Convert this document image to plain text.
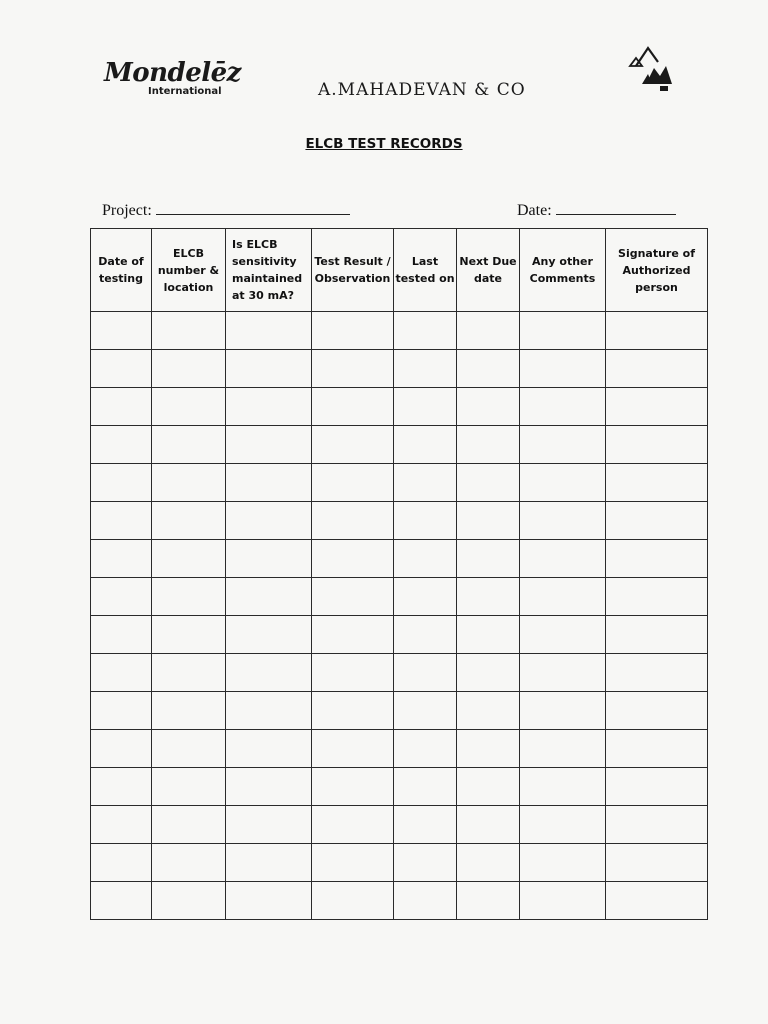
Mondelēz
International	A.MAHADEVAN & CO
ELCB TEST RECORDS
Project:	Date:
Date of testing	ELCB number & location	Is ELCB sensitivity maintained at 30 mA?	Test Result / Observation	Last tested on	Next Due date	Any other Comments	Signature of Authorized person
